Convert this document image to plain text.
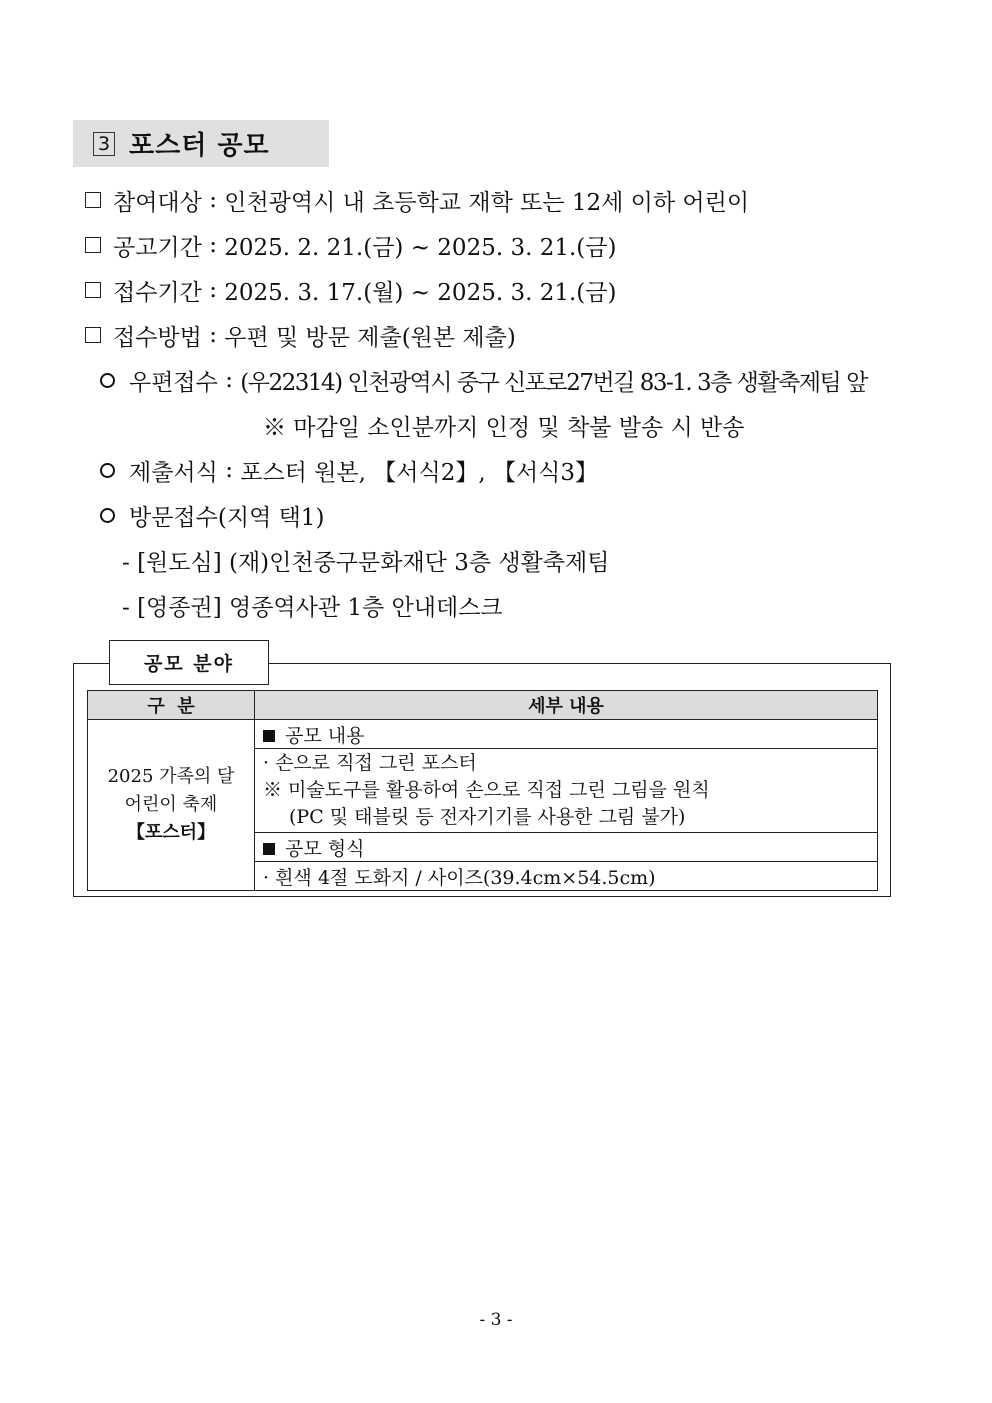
3 포스터 공모
참여대상
:
인천광역시 내 초등학교 재학 또는 12세 이하 어린이
공고기간
:
2025. 2. 21.(금) ~ 2025. 3. 21.(금)
접수기간
:
2025. 3. 17.(월) ~ 2025. 3. 21.(금)
접수방법
:
우편 및 방문 제출(원본 제출)
우편접수
:
(우22314) 인천광역시 중구 신포로27번길 83-1. 3층 생활축제팀 앞
※ 마감일 소인분까지 인정 및 착불 발송 시 반송
제출서식
:
포스터 원본, 【서식2】, 【서식3】
방문접수(지역 택1)
- [원도심] (재)인천중구문화재단 3층 생활축제팀
- [영종권] 영종역사관 1층 안내데스크
공모 분야
구  분	세부 내용

2025 가족의 달
어린이 축제
【포스터】	공모 내용

	· 손으로 직접 그린 포스터
※ 미술도구를 활용하여 손으로 직접 그린 그림을 원칙
(PC 및 태블릿 등 전자기기를 사용한 그림 불가)

	공모 형식
	· 흰색 4절 도화지 / 사이즈(39.4cm×54.5cm)
- 3 -
